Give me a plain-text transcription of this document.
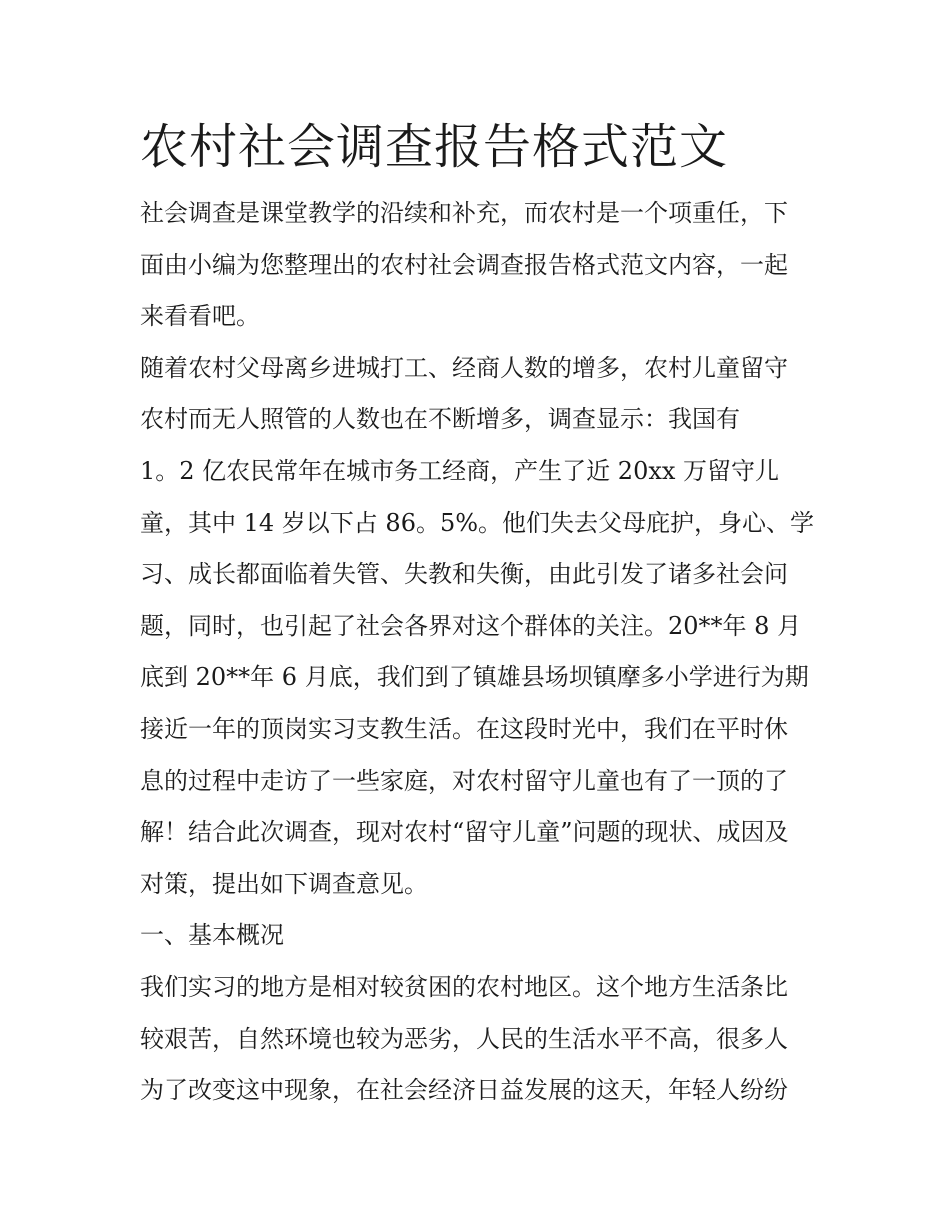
农村社会调查报告格式范文
社会调查是课堂教学的沿续和补充，而农村是一个项重任，下
面由小编为您整理出的农村社会调查报告格式范文内容，一起
来看看吧。
随着农村父母离乡进城打工、经商人数的增多，农村儿童留守
农村而无人照管的人数也在不断增多，调查显示：我国有
1。2 亿农民常年在城市务工经商，产生了近 20xx 万留守儿
童，其中 14 岁以下占 86。5%。他们失去父母庇护，身心、学
习、成长都面临着失管、失教和失衡，由此引发了诸多社会问
题，同时，也引起了社会各界对这个群体的关注。20**年 8 月
底到 20**年 6 月底，我们到了镇雄县场坝镇摩多小学进行为期
接近一年的顶岗实习支教生活。在这段时光中，我们在平时休
息的过程中走访了一些家庭，对农村留守儿童也有了一顶的了
解！结合此次调查，现对农村“留守儿童”问题的现状、成因及
对策，提出如下调查意见。
一、基本概况
我们实习的地方是相对较贫困的农村地区。这个地方生活条比
较艰苦，自然环境也较为恶劣，人民的生活水平不高，很多人
为了改变这中现象，在社会经济日益发展的这天，年轻人纷纷
